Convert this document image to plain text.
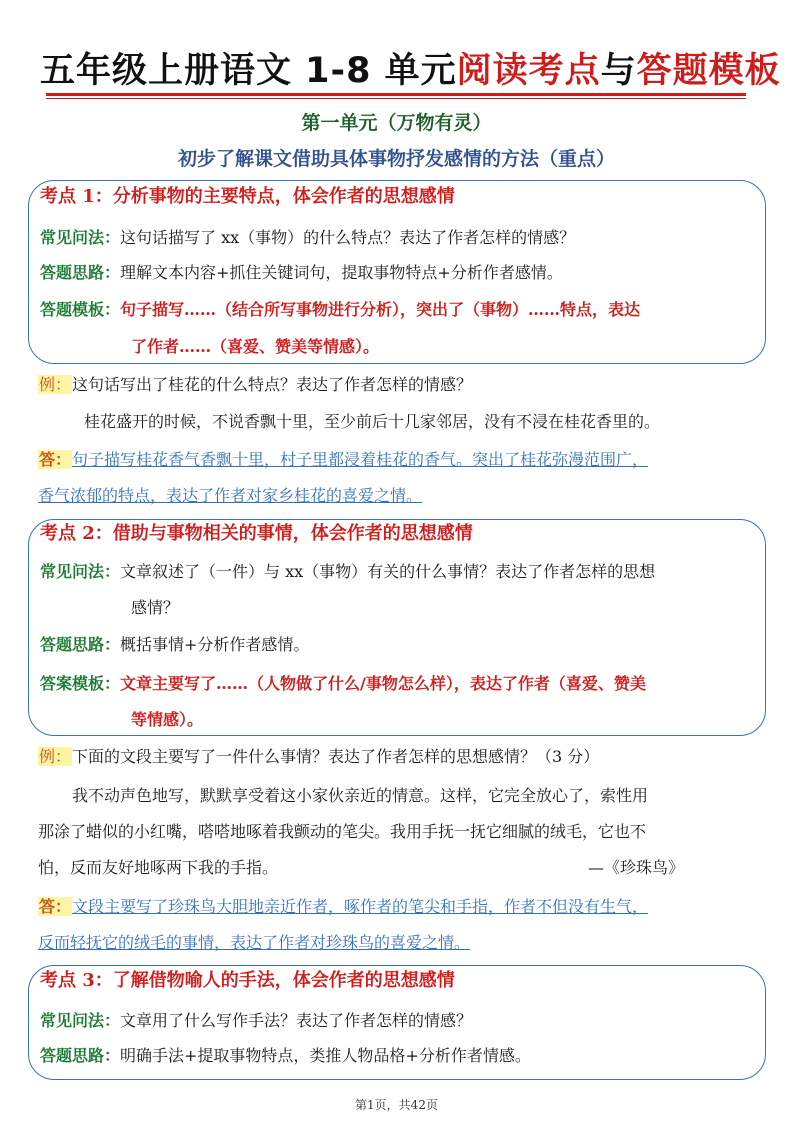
五年级上册语文 1-8 单元阅读考点与答题模板
第一单元（万物有灵）
初步了解课文借助具体事物抒发感情的方法（重点）
考点 1：分析事物的主要特点，体会作者的思想感情
常见问法：这句话描写了 xx（事物）的什么特点？表达了作者怎样的情感？
答题思路：理解文本内容+抓住关键词句，提取事物特点+分析作者感情。
答题模板：句子描写……（结合所写事物进行分析），突出了（事物）……特点，表达
了作者……（喜爱、赞美等情感）。
例：这句话写出了桂花的什么特点？表达了作者怎样的情感？
桂花盛开的时候，不说香飘十里，至少前后十几家邻居，没有不浸在桂花香里的。
答：句子描写桂花香气香飘十里，村子里都浸着桂花的香气。突出了桂花弥漫范围广，
香气浓郁的特点，表达了作者对家乡桂花的喜爱之情。
考点 2：借助与事物相关的事情，体会作者的思想感情
常见问法：文章叙述了（一件）与 xx（事物）有关的什么事情？表达了作者怎样的思想
感情？
答题思路：概括事情+分析作者感情。
答案模板：文章主要写了……（人物做了什么/事物怎么样），表达了作者（喜爱、赞美
等情感）。
例：下面的文段主要写了一件什么事情？表达了作者怎样的思想感情？（3 分）
我不动声色地写，默默享受着这小家伙亲近的情意。这样，它完全放心了，索性用
那涂了蜡似的小红嘴，嗒嗒地啄着我颤动的笔尖。我用手抚一抚它细腻的绒毛，它也不
怕，反而友好地啄两下我的手指。	—《珍珠鸟》
答：文段主要写了珍珠鸟大胆地亲近作者，啄作者的笔尖和手指，作者不但没有生气，
反而轻抚它的绒毛的事情，表达了作者对珍珠鸟的喜爱之情。
考点 3：了解借物喻人的手法，体会作者的思想感情
常见问法：文章用了什么写作手法？表达了作者怎样的情感？
答题思路：明确手法+提取事物特点，类推人物品格+分析作者情感。
第1页，共42页
